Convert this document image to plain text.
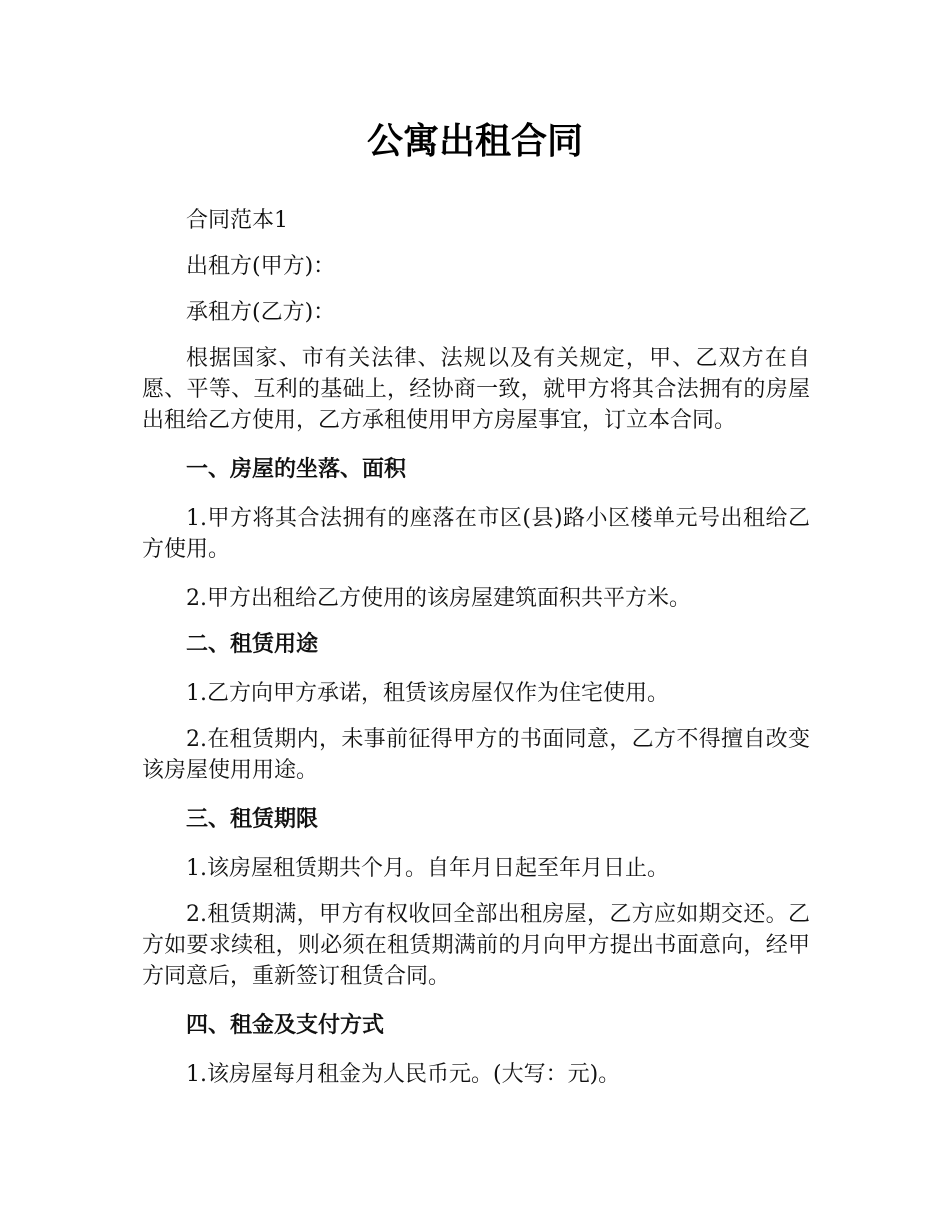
公寓出租合同

合同范本1

出租方(甲方)：

承租方(乙方)：

根据国家、市有关法律、法规以及有关规定，甲、乙双方在自愿、平等、互利的基础上，经协商一致，就甲方将其合法拥有的房屋出租给乙方使用，乙方承租使用甲方房屋事宜，订立本合同。

一、房屋的坐落、面积

1.甲方将其合法拥有的座落在市区(县)路小区楼单元号出租给乙方使用。

2.甲方出租给乙方使用的该房屋建筑面积共平方米。

二、租赁用途

1.乙方向甲方承诺，租赁该房屋仅作为住宅使用。

2.在租赁期内，未事前征得甲方的书面同意，乙方不得擅自改变该房屋使用用途。

三、租赁期限

1.该房屋租赁期共个月。自年月日起至年月日止。

2.租赁期满，甲方有权收回全部出租房屋，乙方应如期交还。乙方如要求续租，则必须在租赁期满前的月向甲方提出书面意向，经甲方同意后，重新签订租赁合同。

四、租金及支付方式

1.该房屋每月租金为人民币元。(大写：元)。
